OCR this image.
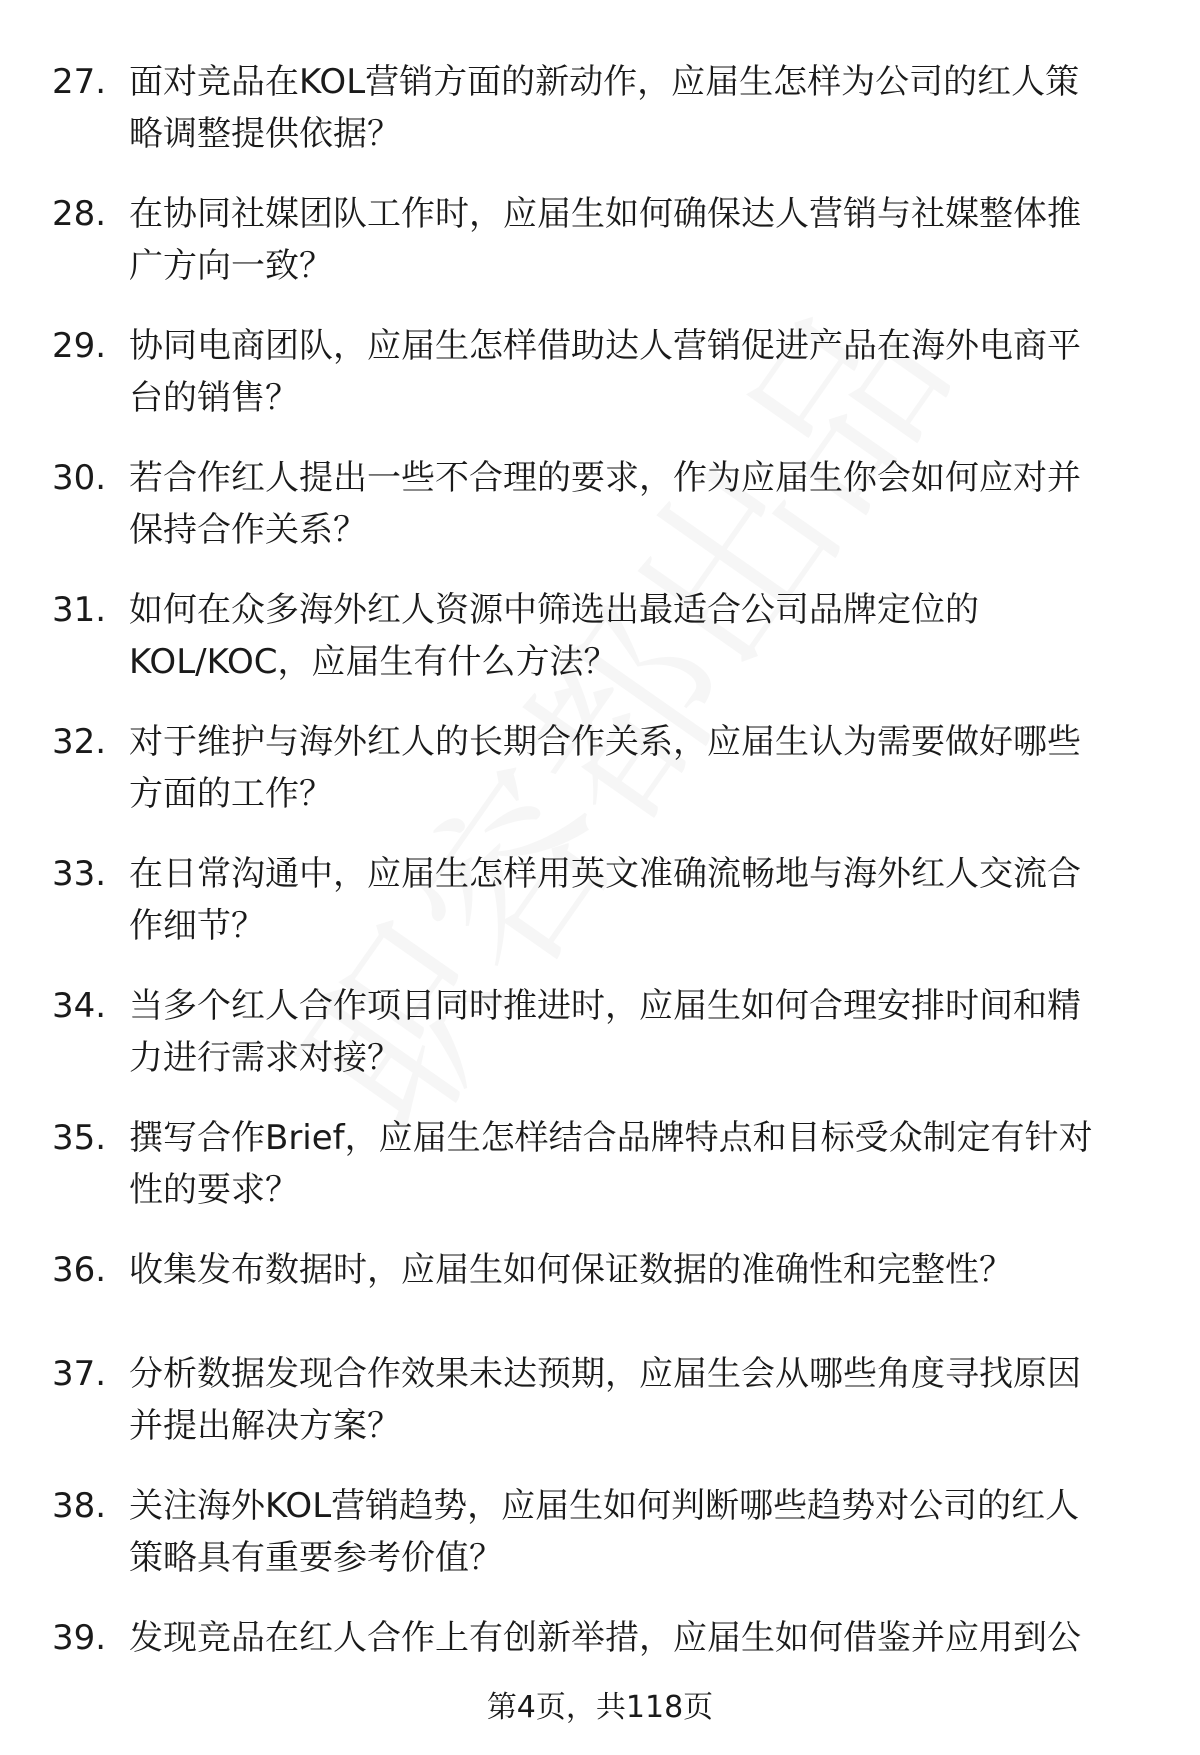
27. 面对竞品在KOL营销方面的新动作，应届生怎样为公司的红人策
略调整提供依据？
28. 在协同社媒团队工作时，应届生如何确保达人营销与社媒整体推
广方向一致？
29. 协同电商团队，应届生怎样借助达人营销促进产品在海外电商平
台的销售？
30. 若合作红人提出一些不合理的要求，作为应届生你会如何应对并
保持合作关系？
31. 如何在众多海外红人资源中筛选出最适合公司品牌定位的
KOL/KOC，应届生有什么方法？
32. 对于维护与海外红人的长期合作关系，应届生认为需要做好哪些
方面的工作？
33. 在日常沟通中，应届生怎样用英文准确流畅地与海外红人交流合
作细节？
34. 当多个红人合作项目同时推进时，应届生如何合理安排时间和精
力进行需求对接？
35. 撰写合作Brief，应届生怎样结合品牌特点和目标受众制定有针对
性的要求？
36. 收集发布数据时，应届生如何保证数据的准确性和完整性？
37. 分析数据发现合作效果未达预期，应届生会从哪些角度寻找原因
并提出解决方案？
38. 关注海外KOL营销趋势，应届生如何判断哪些趋势对公司的红人
策略具有重要参考价值？
39. 发现竞品在红人合作上有创新举措，应届生如何借鉴并应用到公
第4页，共118页
